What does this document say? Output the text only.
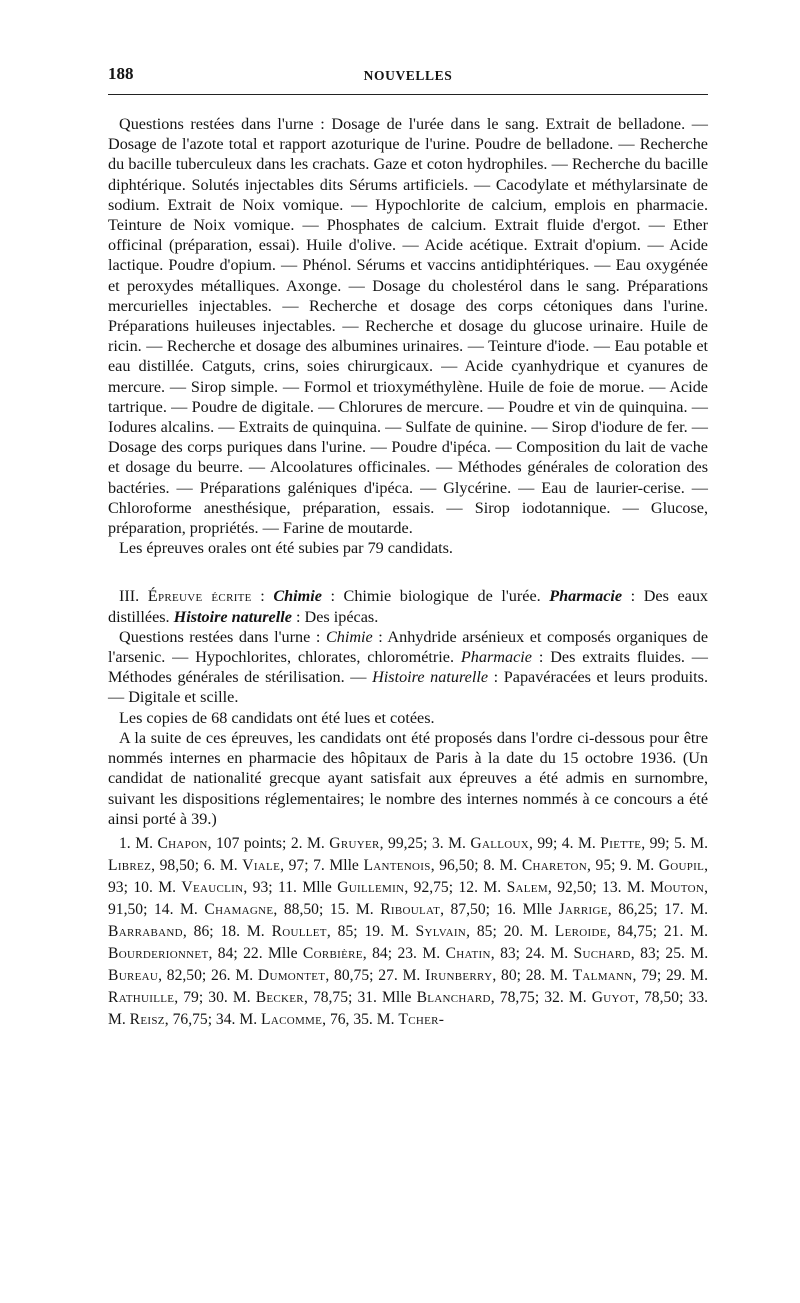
188	NOUVELLES

Questions restées dans l'urne : Dosage de l'urée dans le sang. Extrait de belladone. — Dosage de l'azote total et rapport azoturique de l'urine. Poudre de belladone. — Recherche du bacille tuberculeux dans les crachats. Gaze et coton hydrophiles. — Recherche du bacille diphtérique. Solutés injectables dits Sérums artificiels. — Cacodylate et méthylarsinate de sodium. Extrait de Noix vomique. — Hypochlorite de calcium, emplois en pharmacie. Teinture de Noix vomique. — Phosphates de calcium. Extrait fluide d'ergot. — Ether officinal (préparation, essai). Huile d'olive. — Acide acétique. Extrait d'opium. — Acide lactique. Poudre d'opium. — Phénol. Sérums et vaccins antidiphtériques. — Eau oxygénée et peroxydes métalliques. Axonge. — Dosage du cholestérol dans le sang. Préparations mercurielles injectables. — Recherche et dosage des corps cétoniques dans l'urine. Préparations huileuses injectables. — Recherche et dosage du glucose urinaire. Huile de ricin. — Recherche et dosage des albumines urinaires. — Teinture d'iode. — Eau potable et eau distillée. Catguts, crins, soies chirurgicaux. — Acide cyanhydrique et cyanures de mercure. — Sirop simple. — Formol et trioxyméthylène. Huile de foie de morue. — Acide tartrique. — Poudre de digitale. — Chlorures de mercure. — Poudre et vin de quinquina. — Iodures alcalins. — Extraits de quinquina. — Sulfate de quinine. — Sirop d'iodure de fer. — Dosage des corps puriques dans l'urine. — Poudre d'ipéca. — Composition du lait de vache et dosage du beurre. — Alcoolatures officinales. — Méthodes générales de coloration des bactéries. — Préparations galéniques d'ipéca. — Glycérine. — Eau de laurier-cerise. — Chloroforme anesthésique, préparation, essais. — Sirop iodotannique. — Glucose, préparation, propriétés. — Farine de moutarde.

Les épreuves orales ont été subies par 79 candidats.

III. Épreuve écrite : Chimie : Chimie biologique de l'urée. Pharmacie : Des eaux distillées. Histoire naturelle : Des ipécas.

Questions restées dans l'urne : Chimie : Anhydride arsénieux et composés organiques de l'arsenic. — Hypochlorites, chlorates, chlorométrie. Pharmacie : Des extraits fluides. — Méthodes générales de stérilisation. — Histoire naturelle : Papavéracées et leurs produits. — Digitale et scille.

Les copies de 68 candidats ont été lues et cotées.

A la suite de ces épreuves, les candidats ont été proposés dans l'ordre ci-dessous pour être nommés internes en pharmacie des hôpitaux de Paris à la date du 15 octobre 1936. (Un candidat de nationalité grecque ayant satisfait aux épreuves a été admis en surnombre, suivant les dispositions réglementaires; le nombre des internes nommés à ce concours a été ainsi porté à 39.)

1. M. Chapon, 107 points; 2. M. Gruyer, 99,25; 3. M. Galloux, 99; 4. M. Piette, 99; 5. M. Librez, 98,50; 6. M. Viale, 97; 7. Mlle Lantenois, 96,50; 8. M. Chareton, 95; 9. M. Goupil, 93; 10. M. Veauclin, 93; 11. Mlle Guillemin, 92,75; 12. M. Salem, 92,50; 13. M. Mouton, 91,50; 14. M. Chamagne, 88,50; 15. M. Riboulat, 87,50; 16. Mlle Jarrige, 86,25; 17. M. Barraband, 86; 18. M. Roullet, 85; 19. M. Sylvain, 85; 20. M. Leroide, 84,75; 21. M. Bourderionnet, 84; 22. Mlle Corbière, 84; 23. M. Chatin, 83; 24. M. Suchard, 83; 25. M. Bureau, 82,50; 26. M. Dumontet, 80,75; 27. M. Irunberry, 80; 28. M. Talmann, 79; 29. M. Rathuille, 79; 30. M. Becker, 78,75; 31. Mlle Blanchard, 78,75; 32. M. Guyot, 78,50; 33. M. Reisz, 76,75; 34. M. Lacomme, 76, 35. M. Tcher-
